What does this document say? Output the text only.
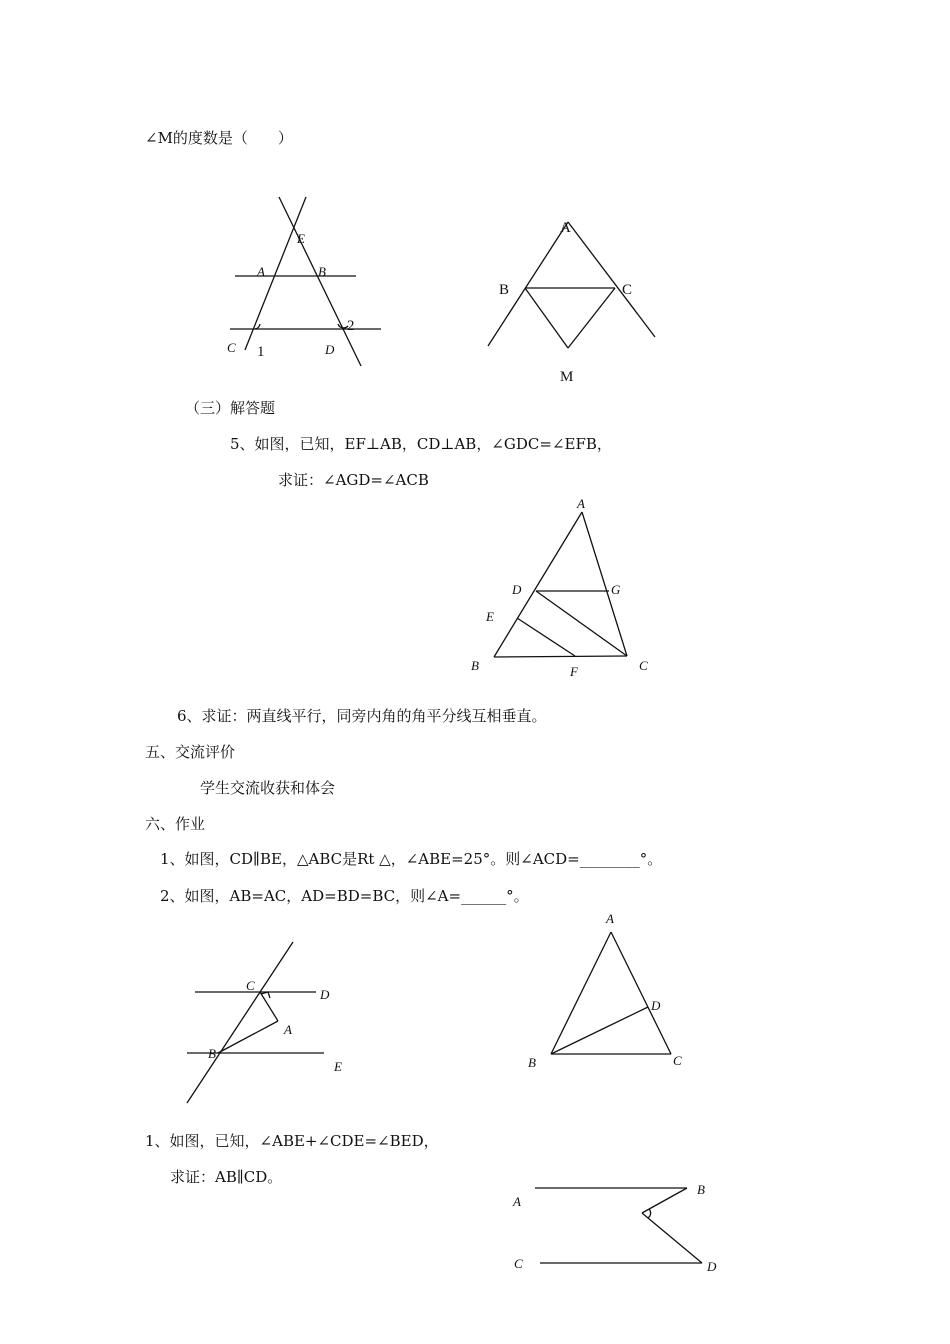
∠M的度数是（　　）
（三）解答题
5、如图，已知，EF⊥AB，CD⊥AB，∠GDC=∠EFB，
求证：∠AGD=∠ACB
6、求证：两直线平行，同旁内角的角平分线互相垂直。
五、交流评价
学生交流收获和体会
六、作业
1、如图，CD∥BE，△ABC是Rt △，∠ABE=25°。则∠ACD=________°。
2、如图，AB=AC，AD=BD=BC，则∠A=______°。
1、如图，已知，∠ABE+∠CDE=∠BED，
求证：AB∥CD。
E
A	B
C	D
1
2
A
B	C
M
A
D	G
E
B	F	C
C
D
A
B
E
A
D
B	C
A
B
C	D
